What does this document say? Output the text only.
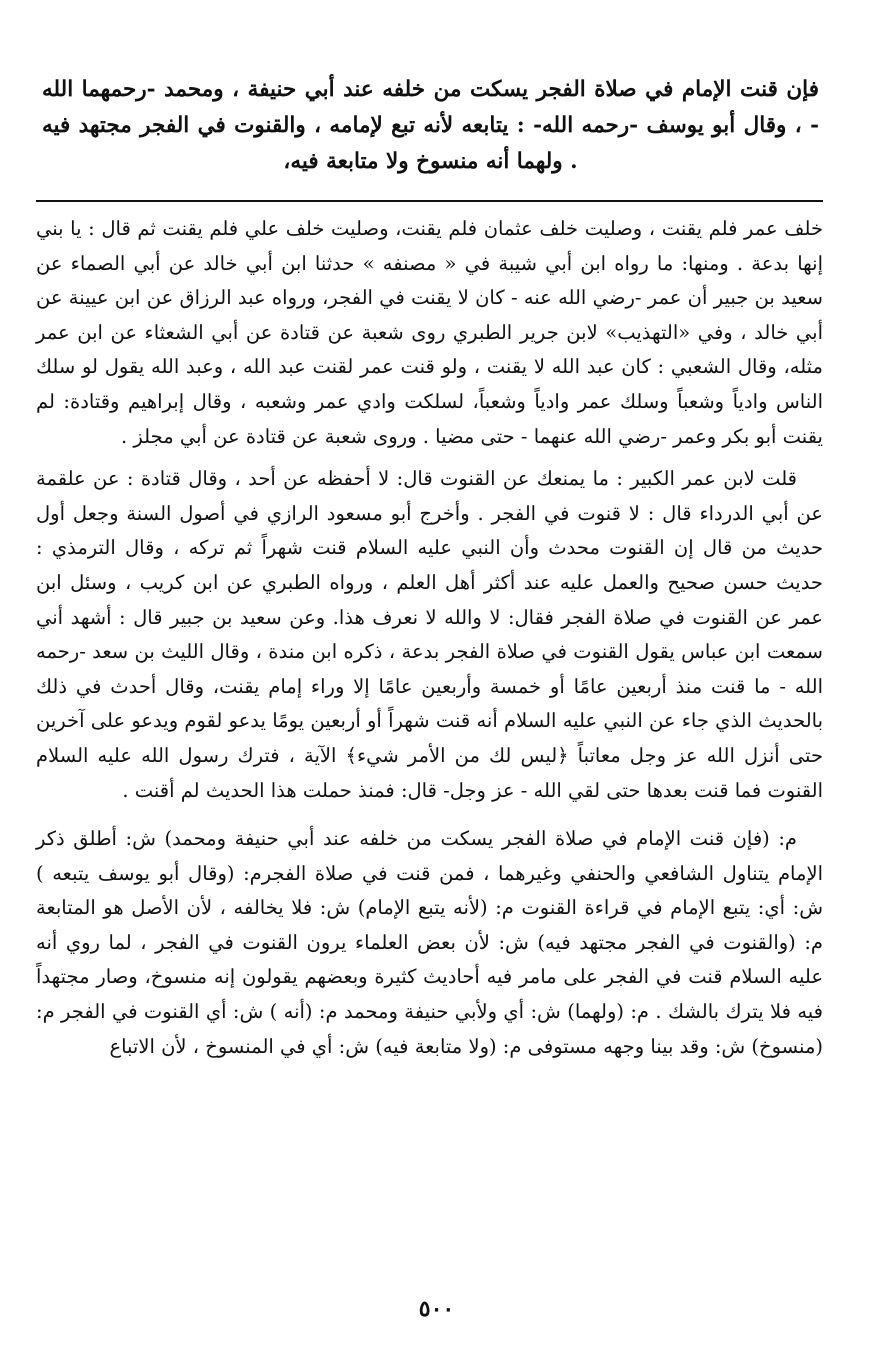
فإن قنت الإمام في صلاة الفجر يسكت من خلفه عند أبي حنيفة ، ومحمد -رحمهما الله - ، وقال أبو يوسف -رحمه الله- : يتابعه لأنه تبع لإمامه ، والقنوت في الفجر مجتهد فيه . ولهما أنه منسوخ ولا متابعة فيه،

خلف عمر فلم يقنت ، وصليت خلف عثمان فلم يقنت، وصليت خلف علي فلم يقنت ثم قال : يا بني إنها بدعة . ومنها: ما رواه ابن أبي شيبة في « مصنفه » حدثنا ابن أبي خالد عن أبي الصماء عن سعيد بن جبير أن عمر -رضي الله عنه - كان لا يقنت في الفجر، ورواه عبد الرزاق عن ابن عيينة عن أبي خالد ، وفي «التهذيب» لابن جرير الطبري روى شعبة عن قتادة عن أبي الشعثاء عن ابن عمر مثله، وقال الشعبي : كان عبد الله لا يقنت ، ولو قنت عمر لقنت عبد الله ، وعبد الله يقول لو سلك الناس وادياً وشعباً وسلك عمر وادياً وشعباً، لسلكت وادي عمر وشعبه ، وقال إبراهيم وقتادة: لم يقنت أبو بكر وعمر -رضي الله عنهما - حتى مضيا . وروى شعبة عن قتادة عن أبي مجلز .

قلت لابن عمر الكبير : ما يمنعك عن القنوت قال: لا أحفظه عن أحد ، وقال قتادة : عن علقمة عن أبي الدرداء قال : لا قنوت في الفجر . وأخرج أبو مسعود الرازي في أصول السنة وجعل أول حديث من قال إن القنوت محدث وأن النبي عليه السلام قنت شهراً ثم تركه ، وقال الترمذي : حديث حسن صحيح والعمل عليه عند أكثر أهل العلم ، ورواه الطبري عن ابن كريب ، وسئل ابن عمر عن القنوت في صلاة الفجر فقال: لا والله لا نعرف هذا. وعن سعيد بن جبير قال : أشهد أني سمعت ابن عباس يقول القنوت في صلاة الفجر بدعة ، ذكره ابن مندة ، وقال الليث بن سعد -رحمه الله - ما قنت منذ أربعين عامًا أو خمسة وأربعين عامًا إلا وراء إمام يقنت، وقال أحدث في ذلك بالحديث الذي جاء عن النبي عليه السلام أنه قنت شهراً أو أربعين يومًا يدعو لقوم ويدعو على آخرين حتى أنزل الله عز وجل معاتباً ﴿ليس لك من الأمر شيء﴾ الآية ، فترك رسول الله عليه السلام القنوت فما قنت بعدها حتى لقي الله - عز وجل- قال: فمنذ حملت هذا الحديث لم أقنت .

م: (فإن قنت الإمام في صلاة الفجر يسكت من خلفه عند أبي حنيفة ومحمد) ش: أطلق ذكر الإمام يتناول الشافعي والحنفي وغيرهما ، فمن قنت في صلاة الفجرم: (وقال أبو يوسف يتبعه ) ش: أي: يتبع الإمام في قراءة القنوت م: (لأنه يتبع الإمام) ش: فلا يخالفه ، لأن الأصل هو المتابعة م: (والقنوت في الفجر مجتهد فيه) ش: لأن بعض العلماء يرون القنوت في الفجر ، لما روي أنه عليه السلام قنت في الفجر على مامر فيه أحاديث كثيرة وبعضهم يقولون إنه منسوخ، وصار مجتهداً فيه فلا يترك بالشك . م: (ولهما) ش: أي ولأبي حنيفة ومحمد م: (أنه ) ش: أي القنوت في الفجر م: (منسوخ) ش: وقد بينا وجهه مستوفى م: (ولا متابعة فيه) ش: أي في المنسوخ ، لأن الاتباع

٥٠٠
